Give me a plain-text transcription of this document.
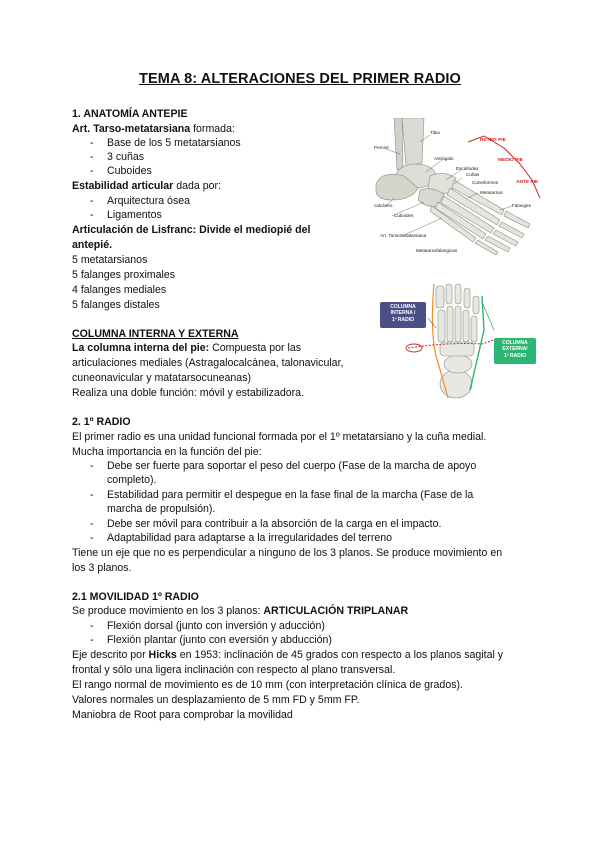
TEMA 8: ALTERACIONES DEL PRIMER RADIO
1. ANATOMÍA ANTEPIE
Art. Tarso-metatarsiana formada:
- Base de los 5 metatarsianos
- 3 cuñas
- Cuboides
Estabilidad articular dada por:
- Arquitectura ósea
- Ligamentos
Articulación de Lisfranc: Divide el mediopié del
antepié.
5 metatarsianos
5 falanges proximales
4 falanges mediales
5 falanges distales
COLUMNA INTERNA Y EXTERNA
La columna interna del pie: Compuesta por las
articulaciones mediales (Astragalocalcánea, talonavicular,
cuneonavicular y matatarsocuneanas)
Realiza una doble función: móvil y estabilizadora.
2. 1º RADIO
El primer radio es una unidad funcional formada por el 1º metatarsiano y la cuña medial.
Mucha importancia en la función del pie:
- Debe ser fuerte para soportar el peso del cuerpo (Fase de la marcha de apoyo
completo).
- Estabilidad para permitir el despegue en la fase final de la marcha (Fase de la
marcha de propulsión).
- Debe ser móvil para contribuir a la absorción de la carga en el impacto.
- Adaptabilidad para adaptarse a la irregularidades del terreno
Tiene un eje que no es perpendicular a ninguno de los 3 planos. Se produce movimiento en
los 3 planos.
2.1 MOVILIDAD 1º RADIO
Se produce movimiento en los 3 planos: ARTICULACIÓN TRIPLANAR
- Flexión dorsal (junto con inversión y aducción)
- Flexión plantar (junto con eversión y abducción)
Eje descrito por Hicks en 1953: inclinación de 45 grados con respecto a los planos sagital y
frontal y sólo una ligera inclinación con respecto al plano transversal.
El rango normal de movimiento es de 10 mm (con interpretación clínica de grados).
Valores normales un desplazamiento de 5 mm FD y 5mm FP.
Maniobra de Root para comprobar la movilidad
Tibia
Peroné
Astrágalo
Escafoides
Cuñas
Cuneiformes
Metatarsos
Falanges
calcáneo
Cuboides
Art. Tarsometatarsiana
Metatarsofalangicas
RETRO PIE
MEDIO PIE
ANTE PIE
COLUMNA
INTERNA /
1º RADIO
COLUMNA
EXTERNA/
1º RADIO
